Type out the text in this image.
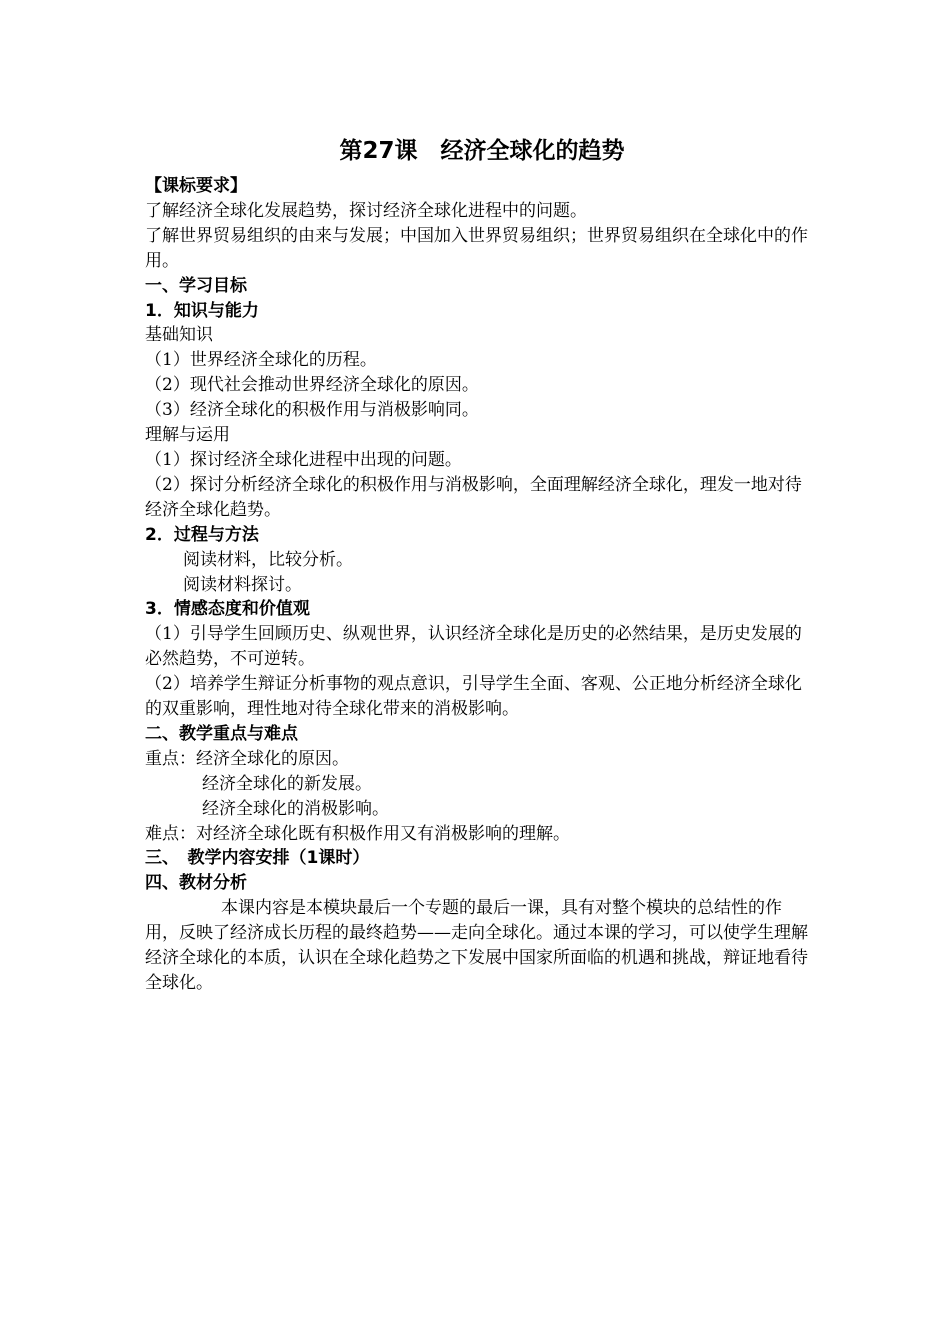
第27课　经济全球化的趋势
【课标要求】
了解经济全球化发展趋势，探讨经济全球化进程中的问题。
了解世界贸易组织的由来与发展；中国加入世界贸易组织；世界贸易组织在全球化中的作用。
一、学习目标
1．知识与能力
基础知识
（1）世界经济全球化的历程。
（2）现代社会推动世界经济全球化的原因。
（3）经济全球化的积极作用与消极影响同。
理解与运用
（1）探讨经济全球化进程中出现的问题。
（2）探讨分析经济全球化的积极作用与消极影响，全面理解经济全球化，理发一地对待经济全球化趋势。
2．过程与方法
阅读材料，比较分析。
阅读材料探讨。
3．情感态度和价值观
（1）引导学生回顾历史、纵观世界，认识经济全球化是历史的必然结果，是历史发展的必然趋势，不可逆转。
（2）培养学生辩证分析事物的观点意识，引导学生全面、客观、公正地分析经济全球化的双重影响，理性地对待全球化带来的消极影响。
二、教学重点与难点
重点：经济全球化的原因。
经济全球化的新发展。
经济全球化的消极影响。
难点：对经济全球化既有积极作用又有消极影响的理解。
三、　教学内容安排（1课时）
四、教材分析
本课内容是本模块最后一个专题的最后一课，具有对整个模块的总结性的作用，反映了经济成长历程的最终趋势——走向全球化。通过本课的学习，可以使学生理解经济全球化的本质，认识在全球化趋势之下发展中国家所面临的机遇和挑战，辩证地看待全球化。
